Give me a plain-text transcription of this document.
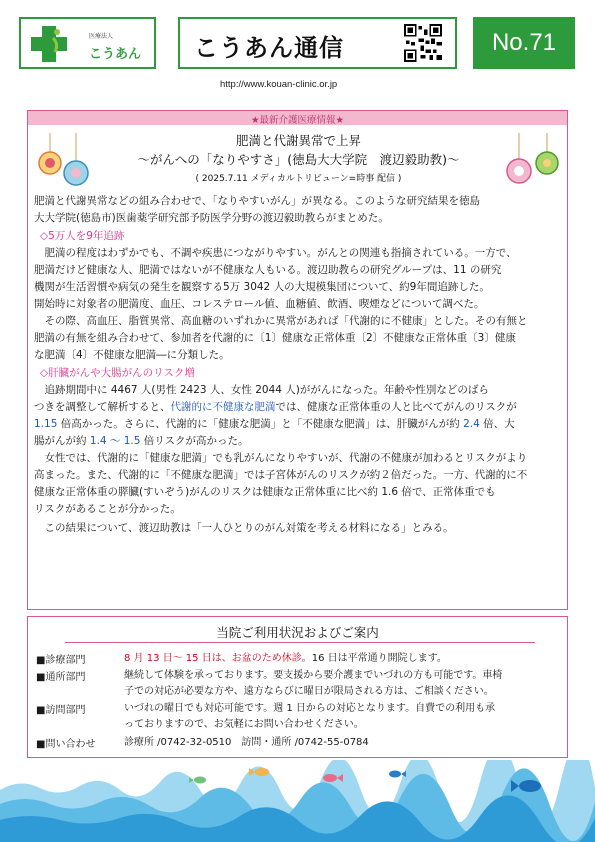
医療法人
こうあん こうあん通信	No.71
http://www.kouan-clinic.or.jp
★最新介護医療情報★
肥満と代謝異常で上昇
～がんへの「なりやすさ」(徳島大大学院　渡辺毅助教)～
( 2025.7.11 メディカルトリビューン=時事 配信 )
肥満と代謝異常などの組み合わせで、「なりやすいがん」が異なる。このような研究結果を徳島
大大学院(徳島市)医歯薬学研究部予防医学分野の渡辺毅助教らがまとめた。
◇5万人を9年追跡
　肥満の程度はわずかでも、不調や疾患につながりやすい。がんとの関連も指摘されている。一方で、
肥満だけど健康な人、肥満ではないが不健康な人もいる。渡辺助教らの研究グループは、11 の研究
機関が生活習慣や病気の発生を観察する5万 3042 人の大規模集団について、約9年間追跡した。
開始時に対象者の肥満度、血圧、コレステロール値、血糖値、飲酒、喫煙などについて調べた。
　その際、高血圧、脂質異常、高血糖のいずれかに異常があれば「代謝的に不健康」とした。その有無と
肥満の有無を組み合わせて、参加者を代謝的に〔1〕健康な正常体重〔2〕不健康な正常体重〔3〕健康
な肥満〔4〕不健康な肥満―に分類した。
◇肝臓がんや大腸がんのリスク増
　追跡期間中に 4467 人(男性 2423 人、女性 2044 人)ががんになった。年齢や性別などのばら
つきを調整して解析すると、代謝的に不健康な肥満では、健康な正常体重の人と比べてがんのリスクが
1.15 倍高かった。さらに、代謝的に「健康な肥満」と「不健康な肥満」は、肝臓がんが約 2.4 倍、大
腸がんが約 1.4 ～ 1.5 倍リスクが高かった。
　女性では、代謝的に「健康な肥満」でも乳がんになりやすいが、代謝の不健康が加わるとリスクがより
高まった。また、代謝的に「不健康な肥満」では子宮体がんのリスクが約２倍だった。一方、代謝的に不
健康な正常体重の膵臓(すいぞう)がんのリスクは健康な正常体重に比べ約 1.6 倍で、正常体重でも
リスクがあることが分かった。
　この結果について、渡辺助教は「一人ひとりのがん対策を考える材料になる」とみる。
当院ご利用状況およびご案内
■診療部門	8 月 13 日～ 15 日は、お盆のため休診。16 日は平常通り開院します。
■通所部門	継続して体験を承っております。要支援から要介護までいづれの方も可能です。車椅
子での対応が必要な方や、遠方ならびに曜日が限局される方は、ご相談ください。
■訪問部門	いづれの曜日でも対応可能です。週 1 日からの対応となります。自費での利用も承
っておりますので、お気軽にお問い合わせください。
■問い合わせ	診療所 /0742-32-0510　訪問・通所 /0742-55-0784
